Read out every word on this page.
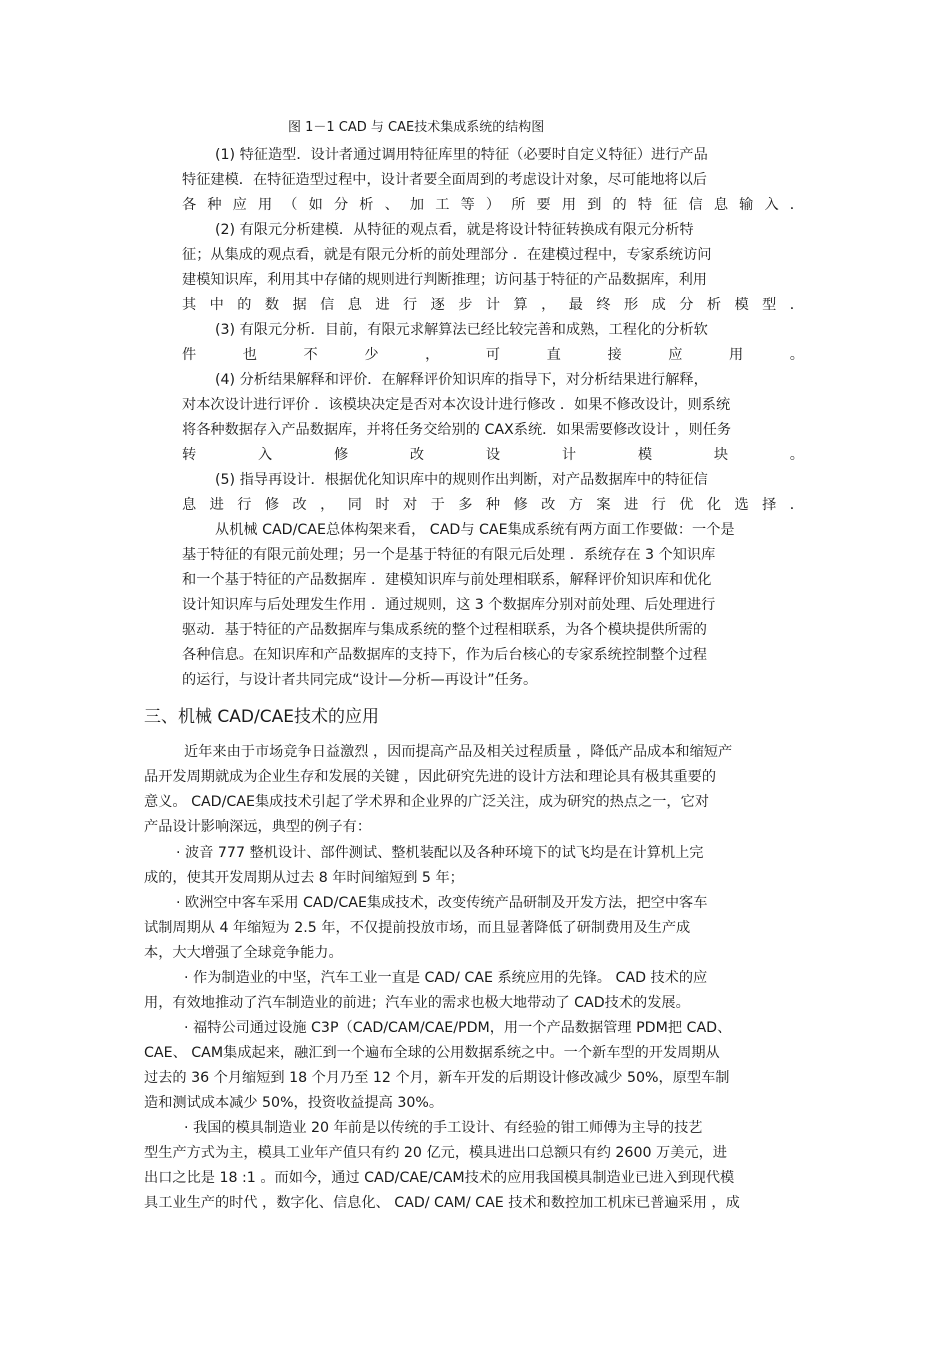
图 1－1 CAD 与 CAE技术集成系统的结构图
(1) 特征造型．设计者通过调用特征库里的特征（必要时自定义特征）进行产品
特征建模．在特征造型过程中，设计者要全面周到的考虑设计对象，尽可能地将以后
各种应用（如分析、加工等）所要用到的特征信息输入．
(2) 有限元分析建模．从特征的观点看，就是将设计特征转换成有限元分析特
征；从集成的观点看，就是有限元分析的前处理部分 ．在建模过程中，专家系统访问
建模知识库，利用其中存储的规则进行判断推理；访问基于特征的产品数据库，利用
其中的数据信息进行逐步计算，最终形成分析模型．
(3) 有限元分析．目前，有限元求解算法已经比较完善和成熟，工程化的分析软
件也不少，可直接应用。
(4) 分析结果解释和评价．在解释评价知识库的指导下，对分析结果进行解释，
对本次设计进行评价 ．该模块决定是否对本次设计进行修改 ．如果不修改设计，则系统
将各种数据存入产品数据库，并将任务交给别的 CAX系统．如果需要修改设计 ，则任务
转入修改设计模块。
(5) 指导再设计．根据优化知识库中的规则作出判断，对产品数据库中的特征信
息进行修改，同时对于多种修改方案进行优化选择．
从机械 CAD/CAE总体构架来看， CAD与 CAE集成系统有两方面工作要做：一个是
基于特征的有限元前处理；另一个是基于特征的有限元后处理 ．系统存在 3 个知识库
和一个基于特征的产品数据库 ．建模知识库与前处理相联系，解释评价知识库和优化
设计知识库与后处理发生作用 ．通过规则，这 3 个数据库分别对前处理、后处理进行
驱动．基于特征的产品数据库与集成系统的整个过程相联系，为各个模块提供所需的
各种信息。在知识库和产品数据库的支持下，作为后台核心的专家系统控制整个过程
的运行，与设计者共同完成“设计—分析—再设计”任务。
三、机械 CAD/CAE技术的应用
近年来由于市场竞争日益激烈 ，因而提高产品及相关过程质量 ，降低产品成本和缩短产
品开发周期就成为企业生存和发展的关键 ，因此研究先进的设计方法和理论具有极其重要的
意义。 CAD/CAE集成技术引起了学术界和企业界的广泛关注，成为研究的热点之一，它对
产品设计影响深远，典型的例子有：
· 波音 777 整机设计、部件测试、整机装配以及各种环境下的试飞均是在计算机上完
成的，使其开发周期从过去 8 年时间缩短到 5 年；
· 欧洲空中客车采用 CAD/CAE集成技术，改变传统产品研制及开发方法，把空中客车
试制周期从 4 年缩短为 2.5 年，不仅提前投放市场，而且显著降低了研制费用及生产成
本，大大增强了全球竞争能力。
· 作为制造业的中坚，汽车工业一直是 CAD/ CAE 系统应用的先锋。 CAD 技术的应
用，有效地推动了汽车制造业的前进；汽车业的需求也极大地带动了 CAD技术的发展。
· 福特公司通过设施 C3P（CAD/CAM/CAE/PDM，用一个产品数据管理 PDM把 CAD、
CAE、 CAM集成起来，融汇到一个遍布全球的公用数据系统之中。一个新车型的开发周期从
过去的 36 个月缩短到 18 个月乃至 12 个月，新车开发的后期设计修改减少 50%，原型车制
造和测试成本减少 50%，投资收益提高 30%。
· 我国的模具制造业 20 年前是以传统的手工设计、有经验的钳工师傅为主导的技艺
型生产方式为主，模具工业年产值只有约 20 亿元，模具进出口总额只有约 2600 万美元，进
出口之比是 18 :1 。而如今，通过 CAD/CAE/CAM技术的应用我国模具制造业已进入到现代模
具工业生产的时代 ，数字化、信息化、 CAD/ CAM/ CAE 技术和数控加工机床已普遍采用 ，成
